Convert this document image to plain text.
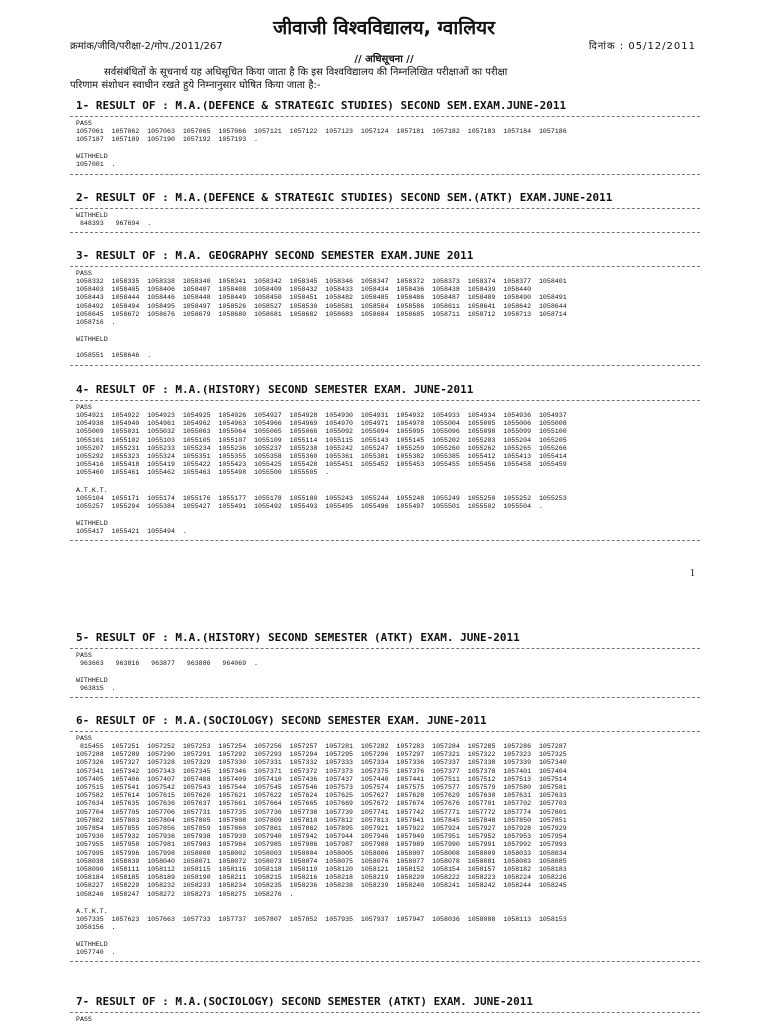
जीवाजी विश्वविद्यालय, ग्वालियर
क्रमांक/जीवि/परीक्षा-2/गोप./2011/267	दिनांक : 05/12/2011
// अधिसूचना //
सर्वसंबंधितों के सूचनार्थ यह अधिसूचित किया जाता है कि इस विश्वविद्यालय की निम्नलिखित परीक्षाओं का परीक्षा
परिणाम संशोधन स्वाधीन रखते हुये निम्नानुसार घोषित किया जाता है:-
1- RESULT OF : M.A.(DEFENCE & STRATEGIC STUDIES) SECOND SEM.EXAM.JUNE-2011
PASS
1057061  1057062  1057063  1057065  1057066  1057121  1057122  1057123  1057124  1057181  1057182  1057183  1057184  1057186
1057187  1057189  1057190  1057192  1057193  .
WITHHELD
1057001  .
2- RESULT OF : M.A.(DEFENCE & STRATEGIC STUDIES) SECOND SEM.(ATKT) EXAM.JUNE-2011
WITHHELD
848393   967694  .
3- RESULT OF : M.A. GEOGRAPHY SECOND SEMESTER EXAM.JUNE 2011
PASS
1058332  1058335  1058338  1058340  1058341  1058342  1058345  1058346  1058347  1058372  1058373  1058374  1058377  1058401
1058403  1058405  1058406  1058407  1058408  1058409  1058432  1058433  1058434  1058436  1058438  1058439  1058440
1058443  1058444  1058446  1058448  1058449  1058450  1058451  1058482  1058485  1058486  1058487  1058489  1058490  1058491
1058492  1058494  1058495  1058497  1058526  1058527  1058530  1058581  1058584  1058586  1058611  1058641  1058642  1058644
1058645  1058672  1058676  1058679  1058680  1058681  1058682  1058683  1058684  1058685  1058711  1058712  1058713  1058714
1058716  .
WITHHELD

1058551  1058646  .
4- RESULT OF : M.A.(HISTORY) SECOND SEMESTER EXAM. JUNE-2011
PASS
1054921  1054922  1054923  1054925  1054926  1054927  1054928  1054930  1054931  1054932  1054933  1054934  1054936  1054937
1054938  1054940  1054961  1054962  1054963  1054966  1054969  1054970  1054971  1054978  1055004  1055005  1055006  1055008
1055009  1055031  1055032  1055063  1055064  1055065  1055066  1055092  1055094  1055095  1055096  1055098  1055099  1055100
1055101  1055102  1055103  1055105  1055107  1055109  1055114  1055115  1055143  1055145  1055202  1055203  1055204  1055205
1055207  1055231  1055233  1055234  1055236  1055237  1055238  1055242  1055247  1055259  1055260  1055262  1055265  1055266
1055292  1055323  1055324  1055351  1055355  1055358  1055360  1055361  1055381  1055382  1055385  1055412  1055413  1055414
1055416  1055418  1055419  1055422  1055423  1055425  1055428  1055451  1055452  1055453  1055455  1055456  1055458  1055459
1055460  1055461  1055462  1055463  1055498  1055500  1055505  .
A.T.K.T.
1055104  1055171  1055174  1055176  1055177  1055178  1055180  1055243  1055244  1055248  1055249  1055250  1055252  1055253
1055257  1055294  1055384  1055427  1055491  1055492  1055493  1055495  1055496  1055497  1055501  1055502  1055504  .
WITHHELD
1055417  1055421  1055494  .
5- RESULT OF : M.A.(HISTORY) SECOND SEMESTER (ATKT) EXAM. JUNE-2011
PASS
963663   963816   963877   963886   964069  .
WITHHELD
963815  .
6- RESULT OF : M.A.(SOCIOLOGY) SECOND SEMESTER EXAM. JUNE-2011
PASS
815455  1057251  1057252  1057253  1057254  1057256  1057257  1057281  1057282  1057283  1057284  1057285  1057286  1057287
1057288  1057289  1057290  1057291  1057292  1057293  1057294  1057295  1057296  1057297  1057321  1057322  1057323  1057325
1057326  1057327  1057328  1057329  1057330  1057331  1057332  1057333  1057334  1057336  1057337  1057338  1057339  1057340
1057341  1057342  1057343  1057345  1057346  1057371  1057372  1057373  1057375  1057376  1057377  1057378  1057401  1057404
1057405  1057406  1057407  1057408  1057409  1057410  1057436  1057437  1057440  1057441  1057511  1057512  1057513  1057514
1057515  1057541  1057542  1057543  1057544  1057545  1057546  1057573  1057574  1057575  1057577  1057579  1057580  1057581
1057582  1057614  1057615  1057620  1057621  1057622  1057624  1057625  1057627  1057628  1057629  1057630  1057631  1057633
1057634  1057635  1057636  1057637  1057661  1057664  1057665  1057669  1057672  1057674  1057676  1057701  1057702  1057703
1057704  1057705  1057706  1057731  1057735  1057736  1057738  1057739  1057741  1057742  1057771  1057772  1057774  1057801
1057802  1057803  1057804  1057805  1057808  1057809  1057810  1057812  1057813  1057841  1057845  1057848  1057850  1057851
1057854  1057855  1057856  1057859  1057860  1057861  1057862  1057895  1057921  1057922  1057924  1057927  1057928  1057929
1057930  1057932  1057936  1057938  1057939  1057940  1057942  1057944  1057946  1057949  1057951  1057952  1057953  1057954
1057955  1057958  1057981  1057983  1057984  1057985  1057986  1057987  1057988  1057989  1057990  1057991  1057992  1057993
1057995  1057996  1057998  1058000  1058002  1058003  1058004  1058005  1058006  1058007  1058008  1058009  1058033  1058034
1058038  1058039  1058040  1058071  1058072  1058073  1058074  1058075  1058076  1058077  1058078  1058081  1058083  1058085
1058090  1058111  1058112  1058115  1058116  1058118  1058119  1058120  1058121  1058152  1058154  1058157  1058182  1058183
1058184  1058185  1058189  1058190  1058211  1058215  1058216  1058218  1058219  1058220  1058222  1058223  1058224  1058226
1058227  1058229  1058232  1058233  1058234  1058235  1058236  1058238  1058239  1058240  1058241  1058242  1058244  1058245
1058246  1058247  1058272  1058273  1058275  1058276  .
A.T.K.T.
1057335  1057623  1057663  1057733  1057737  1057807  1057852  1057935  1057937  1057947  1058036  1058088  1058113  1058153
1058156  .
WITHHELD
1057740  .
7- RESULT OF : M.A.(SOCIOLOGY) SECOND SEMESTER (ATKT) EXAM. JUNE-2011
PASS
1
